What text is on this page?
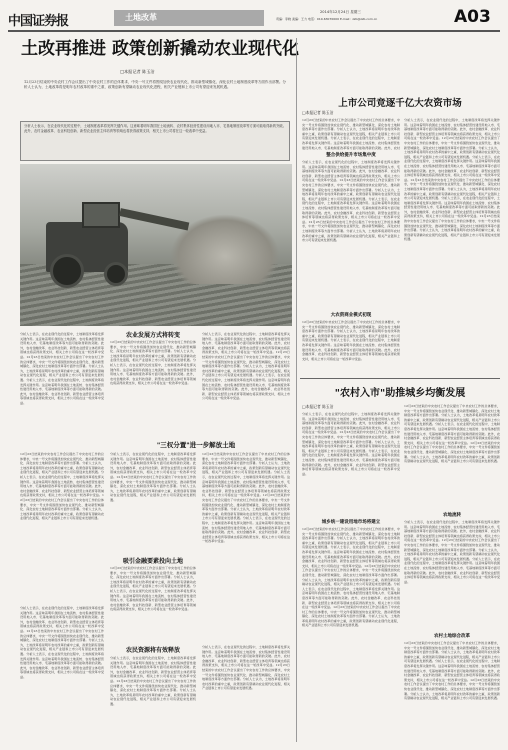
中国证券报	土地改革
2014年12月24日 星期三
责编：李晓 美编：王力 电话：010-63070000 E-mail：zzb@zzb.com.cn	A03
土改再推进 政策创新撬动农业现代化
□本报记者 陈玉洁
12月23日结束的中央农村工作会议提出了中央农村工作的总体要求，中央一号文件将围绕加快农业现代化、推动新型城镇化、深化农村土地制度改革等方面作出部署。分析人士认为，土地改革将是明年农村改革的重中之重，政策创新有望撬动农业现代化进程，相关产业链和上市公司有望迎来发展机遇。
分析人士表示，在农业现代化的过程中，土地制度改革将发挥关键作用。这意味着明年我国在土地流转、农村集体经营性建设用地入市、宅基地制度改革等方面可能取得新的突破。此外，农村金融改革、农业科技创新、新型农业经营主体培育等领域也将获得政策支持，相关上市公司将在这一轮改革中受益。
分析人士表示，在农业现代化的过程中，土地制度改革将发挥关键作用。这意味着明年我国在土地流转、农村集体经营性建设用地入市、宅基地制度改革等方面可能取得新的突破。此外，农村金融改革、农业科技创新、新型农业经营主体培育等领域也将获得政策支持，相关上市公司将在这一轮改革中受益。12月23日结束的中央农村工作会议提出了中央农村工作的总体要求，中央一号文件将围绕加快农业现代化、推动新型城镇化、深化农村土地制度改革等方面作出部署。分析人士认为，土地改革将是明年农村改革的重中之重，政策创新有望撬动农业现代化进程，相关产业链和上市公司有望迎来发展机遇。分析人士表示，在农业现代化的过程中，土地制度改革将发挥关键作用。这意味着明年我国在土地流转、农村集体经营性建设用地入市、宅基地制度改革等方面可能取得新的突破。此外，农村金融改革、农业科技创新、新型农业经营主体培育等领域也将获得政策支持，相关上市公司将在这一轮改革中受益。
12月23日结束的中央农村工作会议提出了中央农村工作的总体要求，中央一号文件将围绕加快农业现代化、推动新型城镇化、深化农村土地制度改革等方面作出部署。分析人士认为，土地改革将是明年农村改革的重中之重，政策创新有望撬动农业现代化进程，相关产业链和上市公司有望迎来发展机遇。分析人士表示，在农业现代化的过程中，土地制度改革将发挥关键作用。这意味着明年我国在土地流转、农村集体经营性建设用地入市、宅基地制度改革等方面可能取得新的突破。此外，农村金融改革、农业科技创新、新型农业经营主体培育等领域也将获得政策支持，相关上市公司将在这一轮改革中受益。12月23日结束的中央农村工作会议提出了中央农村工作的总体要求，中央一号文件将围绕加快农业现代化、推动新型城镇化、深化农村土地制度改革等方面作出部署。分析人士认为，土地改革将是明年农村改革的重中之重，政策创新有望撬动农业现代化进程，相关产业链和上市公司有望迎来发展机遇。
分析人士表示，在农业现代化的过程中，土地制度改革将发挥关键作用。这意味着明年我国在土地流转、农村集体经营性建设用地入市、宅基地制度改革等方面可能取得新的突破。此外，农村金融改革、农业科技创新、新型农业经营主体培育等领域也将获得政策支持，相关上市公司将在这一轮改革中受益。12月23日结束的中央农村工作会议提出了中央农村工作的总体要求，中央一号文件将围绕加快农业现代化、推动新型城镇化、深化农村土地制度改革等方面作出部署。分析人士认为，土地改革将是明年农村改革的重中之重，政策创新有望撬动农业现代化进程，相关产业链和上市公司有望迎来发展机遇。分析人士表示，在农业现代化的过程中，土地制度改革将发挥关键作用。这意味着明年我国在土地流转、农村集体经营性建设用地入市、宅基地制度改革等方面可能取得新的突破。此外，农村金融改革、农业科技创新、新型农业经营主体培育等领域也将获得政策支持，相关上市公司将在这一轮改革中受益。
农业发展方式将转变
12月23日结束的中央农村工作会议提出了中央农村工作的总体要求，中央一号文件将围绕加快农业现代化、推动新型城镇化、深化农村土地制度改革等方面作出部署。分析人士认为，土地改革将是明年农村改革的重中之重，政策创新有望撬动农业现代化进程，相关产业链和上市公司有望迎来发展机遇。分析人士表示，在农业现代化的过程中，土地制度改革将发挥关键作用。这意味着明年我国在土地流转、农村集体经营性建设用地入市、宅基地制度改革等方面可能取得新的突破。此外，农村金融改革、农业科技创新、新型农业经营主体培育等领域也将获得政策支持，相关上市公司将在这一轮改革中受益。
"三权分置"进一步解放土地
分析人士表示，在农业现代化的过程中，土地制度改革将发挥关键作用。这意味着明年我国在土地流转、农村集体经营性建设用地入市、宅基地制度改革等方面可能取得新的突破。此外，农村金融改革、农业科技创新、新型农业经营主体培育等领域也将获得政策支持，相关上市公司将在这一轮改革中受益。12月23日结束的中央农村工作会议提出了中央农村工作的总体要求，中央一号文件将围绕加快农业现代化、推动新型城镇化、深化农村土地制度改革等方面作出部署。分析人士认为，土地改革将是明年农村改革的重中之重，政策创新有望撬动农业现代化进程，相关产业链和上市公司有望迎来发展机遇。
吸引金融要素投向土地
12月23日结束的中央农村工作会议提出了中央农村工作的总体要求，中央一号文件将围绕加快农业现代化、推动新型城镇化、深化农村土地制度改革等方面作出部署。分析人士认为，土地改革将是明年农村改革的重中之重，政策创新有望撬动农业现代化进程，相关产业链和上市公司有望迎来发展机遇。分析人士表示，在农业现代化的过程中，土地制度改革将发挥关键作用。这意味着明年我国在土地流转、农村集体经营性建设用地入市、宅基地制度改革等方面可能取得新的突破。此外，农村金融改革、农业科技创新、新型农业经营主体培育等领域也将获得政策支持，相关上市公司将在这一轮改革中受益。
农民资源将有效释放
分析人士表示，在农业现代化的过程中，土地制度改革将发挥关键作用。这意味着明年我国在土地流转、农村集体经营性建设用地入市、宅基地制度改革等方面可能取得新的突破。此外，农村金融改革、农业科技创新、新型农业经营主体培育等领域也将获得政策支持，相关上市公司将在这一轮改革中受益。12月23日结束的中央农村工作会议提出了中央农村工作的总体要求，中央一号文件将围绕加快农业现代化、推动新型城镇化、深化农村土地制度改革等方面作出部署。分析人士认为，土地改革将是明年农村改革的重中之重，政策创新有望撬动农业现代化进程，相关产业链和上市公司有望迎来发展机遇。
分析人士表示，在农业现代化的过程中，土地制度改革将发挥关键作用。这意味着明年我国在土地流转、农村集体经营性建设用地入市、宅基地制度改革等方面可能取得新的突破。此外，农村金融改革、农业科技创新、新型农业经营主体培育等领域也将获得政策支持，相关上市公司将在这一轮改革中受益。12月23日结束的中央农村工作会议提出了中央农村工作的总体要求，中央一号文件将围绕加快农业现代化、推动新型城镇化、深化农村土地制度改革等方面作出部署。分析人士认为，土地改革将是明年农村改革的重中之重，政策创新有望撬动农业现代化进程，相关产业链和上市公司有望迎来发展机遇。分析人士表示，在农业现代化的过程中，土地制度改革将发挥关键作用。这意味着明年我国在土地流转、农村集体经营性建设用地入市、宅基地制度改革等方面可能取得新的突破。此外，农村金融改革、农业科技创新、新型农业经营主体培育等领域也将获得政策支持，相关上市公司将在这一轮改革中受益。
12月23日结束的中央农村工作会议提出了中央农村工作的总体要求，中央一号文件将围绕加快农业现代化、推动新型城镇化、深化农村土地制度改革等方面作出部署。分析人士认为，土地改革将是明年农村改革的重中之重，政策创新有望撬动农业现代化进程，相关产业链和上市公司有望迎来发展机遇。分析人士表示，在农业现代化的过程中，土地制度改革将发挥关键作用。这意味着明年我国在土地流转、农村集体经营性建设用地入市、宅基地制度改革等方面可能取得新的突破。此外，农村金融改革、农业科技创新、新型农业经营主体培育等领域也将获得政策支持，相关上市公司将在这一轮改革中受益。12月23日结束的中央农村工作会议提出了中央农村工作的总体要求，中央一号文件将围绕加快农业现代化、推动新型城镇化、深化农村土地制度改革等方面作出部署。分析人士认为，土地改革将是明年农村改革的重中之重，政策创新有望撬动农业现代化进程，相关产业链和上市公司有望迎来发展机遇。分析人士表示，在农业现代化的过程中，土地制度改革将发挥关键作用。这意味着明年我国在土地流转、农村集体经营性建设用地入市、宅基地制度改革等方面可能取得新的突破。此外，农村金融改革、农业科技创新、新型农业经营主体培育等领域也将获得政策支持，相关上市公司将在这一轮改革中受益。
分析人士表示，在农业现代化的过程中，土地制度改革将发挥关键作用。这意味着明年我国在土地流转、农村集体经营性建设用地入市、宅基地制度改革等方面可能取得新的突破。此外，农村金融改革、农业科技创新、新型农业经营主体培育等领域也将获得政策支持，相关上市公司将在这一轮改革中受益。12月23日结束的中央农村工作会议提出了中央农村工作的总体要求，中央一号文件将围绕加快农业现代化、推动新型城镇化、深化农村土地制度改革等方面作出部署。分析人士认为，土地改革将是明年农村改革的重中之重，政策创新有望撬动农业现代化进程，相关产业链和上市公司有望迎来发展机遇。
上市公司竞逐千亿大农资市场
□本报记者 陈玉洁
12月23日结束的中央农村工作会议提出了中央农村工作的总体要求，中央一号文件将围绕加快农业现代化、推动新型城镇化、深化农村土地制度改革等方面作出部署。分析人士认为，土地改革将是明年农村改革的重中之重，政策创新有望撬动农业现代化进程，相关产业链和上市公司有望迎来发展机遇。分析人士表示，在农业现代化的过程中，土地制度改革将发挥关键作用。这意味着明年我国在土地流转、农村集体经营性建设用地入市、宅基地制度改革等方面可能取得新的突破。此外，农村
整合供给提升市场集中度
分析人士表示，在农业现代化的过程中，土地制度改革将发挥关键作用。这意味着明年我国在土地流转、农村集体经营性建设用地入市、宅基地制度改革等方面可能取得新的突破。此外，农村金融改革、农业科技创新、新型农业经营主体培育等领域也将获得政策支持，相关上市公司将在这一轮改革中受益。12月23日结束的中央农村工作会议提出了中央农村工作的总体要求，中央一号文件将围绕加快农业现代化、推动新型城镇化、深化农村土地制度改革等方面作出部署。分析人士认为，土地改革将是明年农村改革的重中之重，政策创新有望撬动农业现代化进程，相关产业链和上市公司有望迎来发展机遇。分析人士表示，在农业现代化的过程中，土地制度改革将发挥关键作用。这意味着明年我国在土地流转、农村集体经营性建设用地入市、宅基地制度改革等方面可能取得新的突破。此外，农村金融改革、农业科技创新、新型农业经营主体培育等领域也将获得政策支持，相关上市公司将在这一轮改革中受益。12月23日结束的中央农村工作会议提出了中央农村工作的总体要求，中央一号文件将围绕加快农业现代化、推动新型城镇化、深化农村土地制度改革等方面作出部署。分析人士认为，土地改革将是明年农村改革的重中之重，政策创新有望撬动农业现代化进程，相关产业链和上市公司有望迎来发展机遇。
大农资商业模式初现
12月23日结束的中央农村工作会议提出了中央农村工作的总体要求，中央一号文件将围绕加快农业现代化、推动新型城镇化、深化农村土地制度改革等方面作出部署。分析人士认为，土地改革将是明年农村改革的重中之重，政策创新有望撬动农业现代化进程，相关产业链和上市公司有望迎来发展机遇。分析人士表示，在农业现代化的过程中，土地制度改革将发挥关键作用。这意味着明年我国在土地流转、农村集体经营性建设用地入市、宅基地制度改革等方面可能取得新的突破。此外，农村金融改革、农业科技创新、新型农业经营主体培育等领域也将获得政策支持，相关上市公司将在这一轮改革中受益。
分析人士表示，在农业现代化的过程中，土地制度改革将发挥关键作用。这意味着明年我国在土地流转、农村集体经营性建设用地入市、宅基地制度改革等方面可能取得新的突破。此外，农村金融改革、农业科技创新、新型农业经营主体培育等领域也将获得政策支持，相关上市公司将在这一轮改革中受益。12月23日结束的中央农村工作会议提出了中央农村工作的总体要求，中央一号文件将围绕加快农业现代化、推动新型城镇化、深化农村土地制度改革等方面作出部署。分析人士认为，土地改革将是明年农村改革的重中之重，政策创新有望撬动农业现代化进程，相关产业链和上市公司有望迎来发展机遇。分析人士表示，在农业现代化的过程中，土地制度改革将发挥关键作用。这意味着明年我国在土地流转、农村集体经营性建设用地入市、宅基地制度改革等方面可能取得新的突破。此外，农村金融改革、农业科技创新、新型农业经营主体培育等领域也将获得政策支持，相关上市公司将在这一轮改革中受益。12月23日结束的中央农村工作会议提出了中央农村工作的总体要求，中央一号文件将围绕加快农业现代化、推动新型城镇化、深化农村土地制度改革等方面作出部署。分析人士认为，土地改革将是明年农村改革的重中之重，政策创新有望撬动农业现代化进程，相关产业链和上市公司有望迎来发展机遇。分析人士表示，在农业现代化的过程中，土地制度改革将发挥关键作用。这意味着明年我国在土地流转、农村集体经营性建设用地入市、宅基地制度改革等方面可能取得新的突破。此外，农村金融改革、农业科技创新、新型农业经营主体培育等领域也将获得政策支持，相关上市公司将在这一轮改革中受益。12月23日结束的中央农村工作会议提出了中央农村工作的总体要求，中央一号文件将围绕加快农业现代化、推动新型城镇化、深化农村土地制度改革等方面作出部署。分析人士认为，土地改革将是明年农村改革的重中之重，政策创新有望撬动农业现代化进程，相关产业链和上市公司有望迎来发展机遇。
"农村入市"助推城乡均衡发展
□本报记者 陈玉洁
分析人士表示，在农业现代化的过程中，土地制度改革将发挥关键作用。这意味着明年我国在土地流转、农村集体经营性建设用地入市、宅基地制度改革等方面可能取得新的突破。此外，农村金融改革、农业科技创新、新型农业经营主体培育等领域也将获得政策支持，相关上市公司将在这一轮改革中受益。12月23日结束的中央农村工作会议提出了中央农村工作的总体要求，中央一号文件将围绕加快农业现代化、推动新型城镇化、深化农村土地制度改革等方面作出部署。分析人士认为，土地改革将是明年农村改革的重中之重，政策创新有望撬动农业现代化进程，相关产业链和上市公司有望迎来发展机遇。分析人士表示，在农业现代化的过程中，土地制度改革将发挥关键作用。这意味着明年我国在土地流转、农村集体经营性建设用地入市、宅基地制度改革等方面可能取得新的突破。此外，农村金融改革、农业科技创新、新型农业经营主体培育等领域也将获得政策支持，相关上市公司将在这一轮改革中受益。
城乡统一建设用地市场将建立
12月23日结束的中央农村工作会议提出了中央农村工作的总体要求，中央一号文件将围绕加快农业现代化、推动新型城镇化、深化农村土地制度改革等方面作出部署。分析人士认为，土地改革将是明年农村改革的重中之重，政策创新有望撬动农业现代化进程，相关产业链和上市公司有望迎来发展机遇。分析人士表示，在农业现代化的过程中，土地制度改革将发挥关键作用。这意味着明年我国在土地流转、农村集体经营性建设用地入市、宅基地制度改革等方面可能取得新的突破。此外，农村金融改革、农业科技创新、新型农业经营主体培育等领域也将获得政策支持，相关上市公司将在这一轮改革中受益。12月23日结束的中央农村工作会议提出了中央农村工作的总体要求，中央一号文件将围绕加快农业现代化、推动新型城镇化、深化农村土地制度改革等方面作出部署。分析人士认为，土地改革将是明年农村改革的重中之重，政策创新有望撬动农业现代化进程，相关产业链和上市公司有望迎来发展机遇。分析人士表示，在农业现代化的过程中，土地制度改革将发挥关键作用。这意味着明年我国在土地流转、农村集体经营性建设用地入市、宅基地制度改革等方面可能取得新的突破。此外，农村金融改革、农业科技创新、新型农业经营主体培育等领域也将获得政策支持，相关上市公司将在这一轮改革中受益。12月23日结束的中央农村工作会议提出了中央农村工作的总体要求，中央一号文件将围绕加快农业现代化、推动新型城镇化、深化农村土地制度改革等方面作出部署。分析人士认为，土地改革将是明年农村改革的重中之重，政策创新有望撬动农业现代化进程，相关产业链和上市公司有望迎来发展机遇。
12月23日结束的中央农村工作会议提出了中央农村工作的总体要求，中央一号文件将围绕加快农业现代化、推动新型城镇化、深化农村土地制度改革等方面作出部署。分析人士认为，土地改革将是明年农村改革的重中之重，政策创新有望撬动农业现代化进程，相关产业链和上市公司有望迎来发展机遇。分析人士表示，在农业现代化的过程中，土地制度改革将发挥关键作用。这意味着明年我国在土地流转、农村集体经营性建设用地入市、宅基地制度改革等方面可能取得新的突破。此外，农村金融改革、农业科技创新、新型农业经营主体培育等领域也将获得政策支持，相关上市公司将在这一轮改革中受益。12月23日结束的中央农村工作会议提出了中央农村工作的总体要求，中央一号文件将围绕加快农业现代化、推动新型城镇化、深化农村土地制度改革等方面作出部署。分析人士认为，土地改革将是明年农村改革的重中之重，政策创新有望撬动农业现代化进程，相关产业链和上市公司有望迎来发展机遇。
农地流转
分析人士表示，在农业现代化的过程中，土地制度改革将发挥关键作用。这意味着明年我国在土地流转、农村集体经营性建设用地入市、宅基地制度改革等方面可能取得新的突破。此外，农村金融改革、农业科技创新、新型农业经营主体培育等领域也将获得政策支持，相关上市公司将在这一轮改革中受益。12月23日结束的中央农村工作会议提出了中央农村工作的总体要求，中央一号文件将围绕加快农业现代化、推动新型城镇化、深化农村土地制度改革等方面作出部署。分析人士认为，土地改革将是明年农村改革的重中之重，政策创新有望撬动农业现代化进程，相关产业链和上市公司有望迎来发展机遇。分析人士表示，在农业现代化的过程中，土地制度改革将发挥关键作用。这意味着明年我国在土地流转、农村集体经营性建设用地入市、宅基地制度改革等方面可能取得新的突破。此外，农村金融改革、农业科技创新、新型农业经营主体培育等领域也将获得政策支持，相关上市公司将在这一轮改革中受益。
农村土地综合改革
12月23日结束的中央农村工作会议提出了中央农村工作的总体要求，中央一号文件将围绕加快农业现代化、推动新型城镇化、深化农村土地制度改革等方面作出部署。分析人士认为，土地改革将是明年农村改革的重中之重，政策创新有望撬动农业现代化进程，相关产业链和上市公司有望迎来发展机遇。分析人士表示，在农业现代化的过程中，土地制度改革将发挥关键作用。这意味着明年我国在土地流转、农村集体经营性建设用地入市、宅基地制度改革等方面可能取得新的突破。此外，农村金融改革、农业科技创新、新型农业经营主体培育等领域也将获得政策支持，相关上市公司将在这一轮改革中受益。12月23日结束的中央农村工作会议提出了中央农村工作的总体要求，中央一号文件将围绕加快农业现代化、推动新型城镇化、深化农村土地制度改革等方面作出部署。分析人士认为，土地改革将是明年农村改革的重中之重，政策创新有望撬动农业现代化进程，相关产业链和上市公司有望迎来发展机遇。
